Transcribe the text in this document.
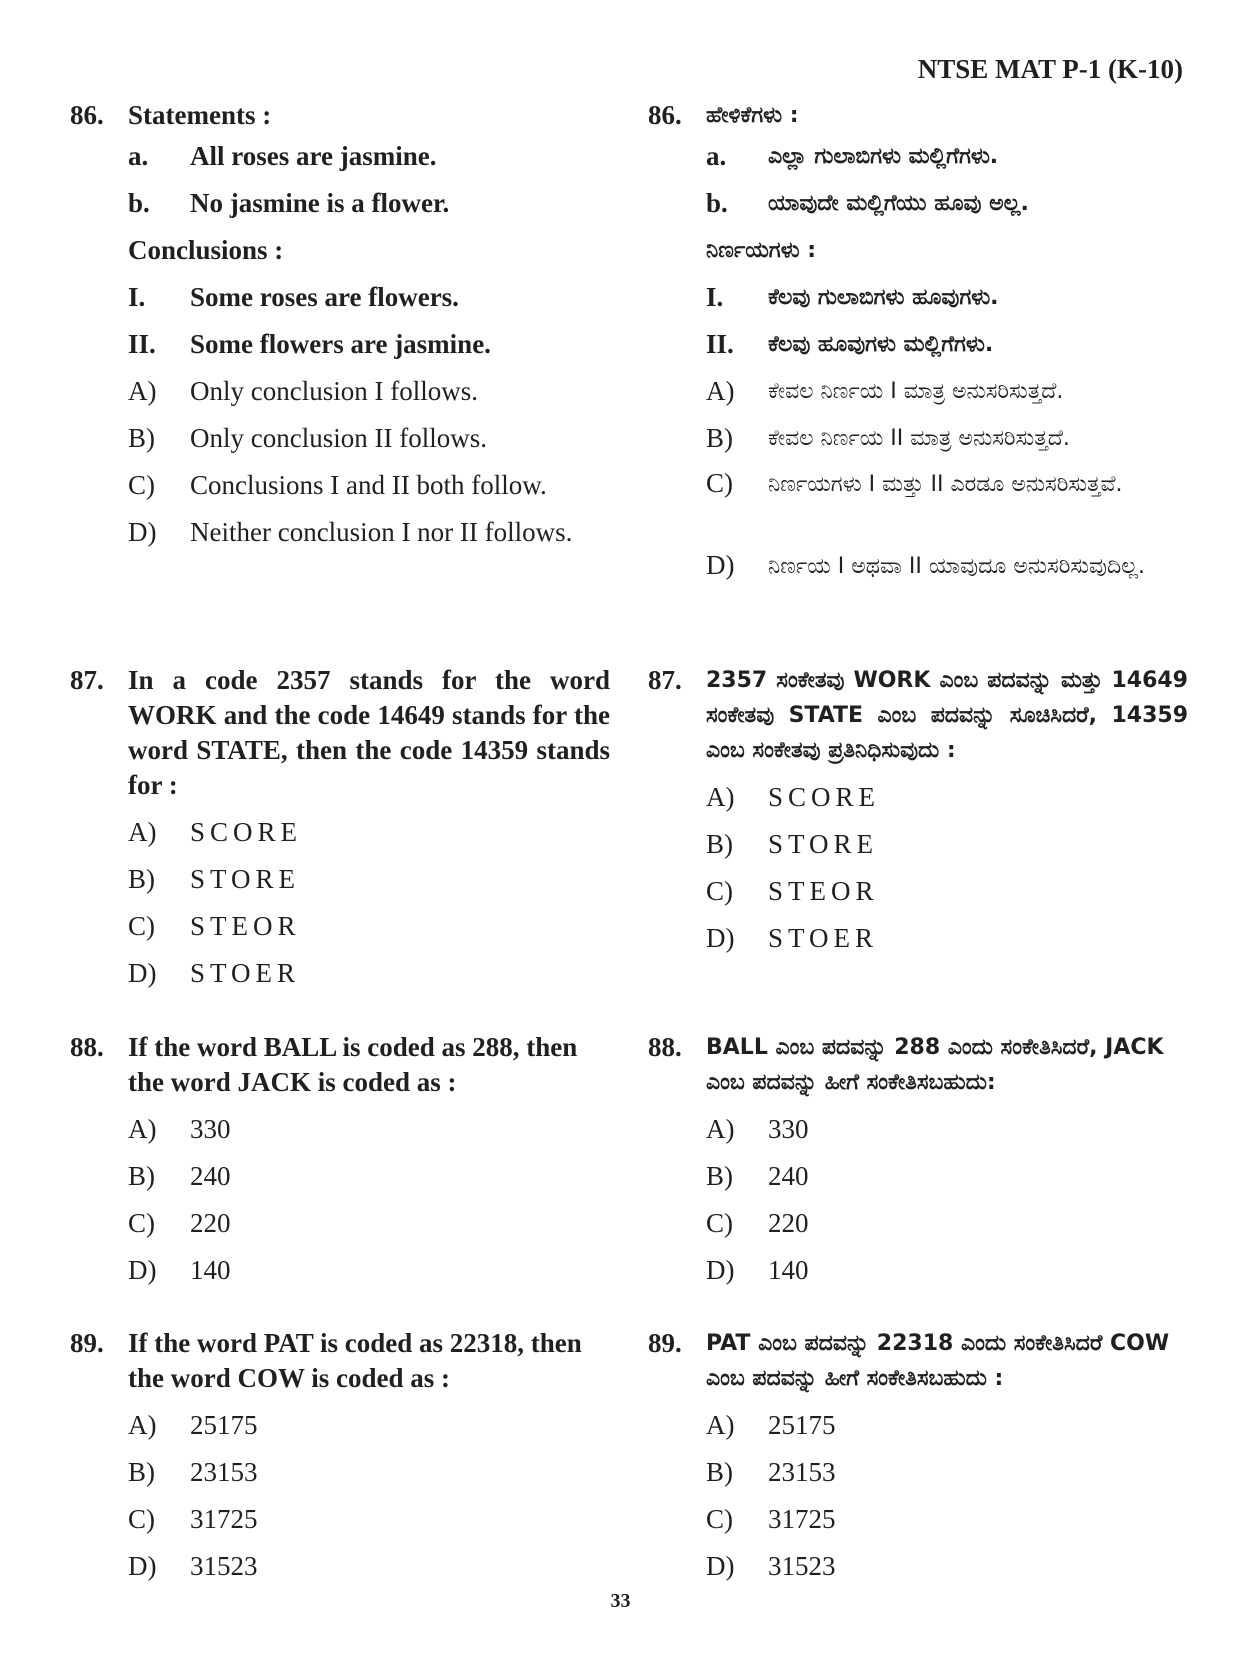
NTSE MAT P-1 (K-10)
86. Statements :
a.	All roses are jasmine.
b.	No jasmine is a flower.
Conclusions :
I.	Some roses are flowers.
II.	Some flowers are jasmine.
A)	Only conclusion I follows.
B)	Only conclusion II follows.
C)	Conclusions I and II both follow.
D)	Neither conclusion I nor II follows.
87. In a code 2357 stands for the word WORK and the code 14649 stands for the word STATE, then the code 14359 stands for :
A)	SCORE
B)	STORE
C)	STEOR
D)	STOER
88. If the word BALL is coded as 288, then the word JACK is coded as :
A)	330
B)	240
C)	220
D)	140
89. If the word PAT is coded as 22318, then the word COW is coded as :
A)	25175
B)	23153
C)	31725
D)	31523
86.	ಹೇಳಿಕೆಗಳು :
a.	ಎಲ್ಲಾ ಗುಲಾಬಿಗಳು ಮಲ್ಲಿಗೆಗಳು.
b.	ಯಾವುದೇ ಮಲ್ಲಿಗೆಯು ಹೂವು ಅಲ್ಲ.
ನಿರ್ಣಯಗಳು :
I.	ಕೆಲವು ಗುಲಾಬಿಗಳು ಹೂವುಗಳು.
II.	ಕೆಲವು ಹೂವುಗಳು ಮಲ್ಲಿಗೆಗಳು.
A)	ಕೇವಲ ನಿರ್ಣಯ I ಮಾತ್ರ ಅನುಸರಿಸುತ್ತದೆ.
B)	ಕೇವಲ ನಿರ್ಣಯ II ಮಾತ್ರ ಅನುಸರಿಸುತ್ತದೆ.
C)	ನಿರ್ಣಯಗಳು I ಮತ್ತು II ಎರಡೂ ಅನುಸರಿಸುತ್ತವೆ.
D)	ನಿರ್ಣಯ I ಅಥವಾ II ಯಾವುದೂ ಅನುಸರಿಸುವುದಿಲ್ಲ.
87.	2357 ಸಂಕೇತವು WORK ಎಂಬ ಪದವನ್ನು ಮತ್ತು 14649 ಸಂಕೇತವು STATE ಎಂಬ ಪದವನ್ನು ಸೂಚಿಸಿದರೆ, 14359 ಎಂಬ ಸಂಕೇತವು ಪ್ರತಿನಿಧಿಸುವುದು :
A)	SCORE
B)	STORE
C)	STEOR
D)	STOER
88.	BALL ಎಂಬ ಪದವನ್ನು 288 ಎಂದು ಸಂಕೇತಿಸಿದರೆ, JACK ಎಂಬ ಪದವನ್ನು ಹೀಗೆ ಸಂಕೇತಿಸಬಹುದು:
A)	330
B)	240
C)	220
D)	140
89.	PAT ಎಂಬ ಪದವನ್ನು 22318 ಎಂದು ಸಂಕೇತಿಸಿದರೆ COW ಎಂಬ ಪದವನ್ನು ಹೀಗೆ ಸಂಕೇತಿಸಬಹುದು :
A)	25175
B)	23153
C)	31725
D)	31523
33
